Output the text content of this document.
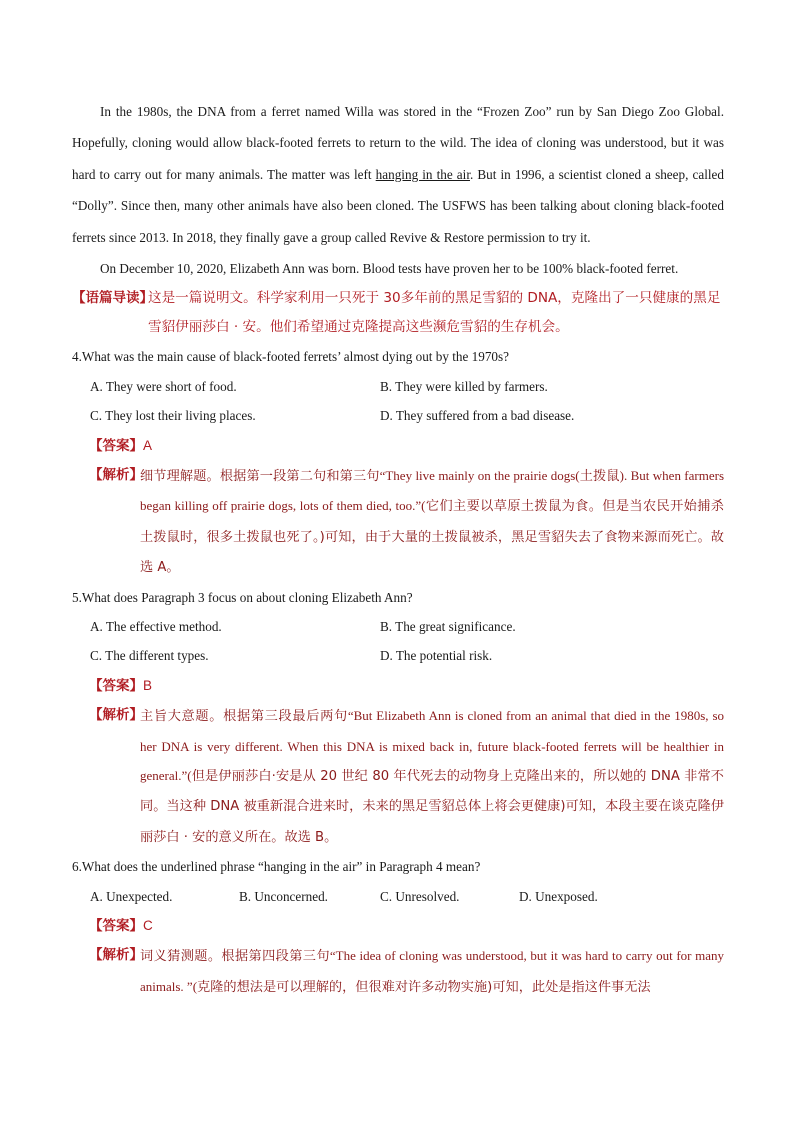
In the 1980s, the DNA from a ferret named Willa was stored in the “Frozen Zoo” run by San Diego Zoo Global. Hopefully, cloning would allow black-footed ferrets to return to the wild. The idea of cloning was understood, but it was hard to carry out for many animals. The matter was left hanging in the air. But in 1996, a scientist cloned a sheep, called “Dolly”. Since then, many other animals have also been cloned. The USFWS has been talking about cloning black-footed ferrets since 2013. In 2018, they finally gave a group called Revive & Restore permission to try it.

On December 10, 2020, Elizabeth Ann was born. Blood tests have proven her to be 100% black-footed ferret.

【语篇导读】
这是一篇说明文。科学家利用一只死于 30多年前的黑足雪貂的 DNA，克隆出了一只健康的黑足雪貂伊丽莎白 · 安。他们希望通过克隆提高这些濒危雪貂的生存机会。

4.What was the main cause of black-footed ferrets’ almost dying out by the 1970s?

A. They were short of food.	B. They were killed by farmers.
C. They lost their living places.	D. They suffered from a bad disease.
【答案】A
【解析】
细节理解题。根据第一段第二句和第三句“They live mainly on the prairie dogs(土拨鼠). But when farmers began killing off prairie dogs, lots of them died, too.”(它们主要以草原土拨鼠为食。但是当农民开始捕杀土拨鼠时，很多土拨鼠也死了。)可知，由于大量的土拨鼠被杀，黑足雪貂失去了食物来源而死亡。故选 A。

5.What does Paragraph 3 focus on about cloning Elizabeth Ann?

A. The effective method.	B. The great significance.
C. The different types.	D. The potential risk.
【答案】B
【解析】
主旨大意题。根据第三段最后两句“But Elizabeth Ann is cloned from an animal that died in the 1980s, so her DNA is very different. When this DNA is mixed back in, future black-footed ferrets will be healthier in general.”(但是伊丽莎白·安是从 20 世纪 80 年代死去的动物身上克隆出来的，所以她的 DNA 非常不同。当这种 DNA 被重新混合进来时，未来的黑足雪貂总体上将会更健康)可知，本段主要在谈克隆伊丽莎白 · 安的意义所在。故选 B。

6.What does the underlined phrase “hanging in the air” in Paragraph 4 mean?

A. Unexpected.	B. Unconcerned.	C. Unresolved.	D. Unexposed.
【答案】C
【解析】
词义猜测题。根据第四段第三句“The idea of cloning was understood, but it was hard to carry out for many animals. ”(克隆的想法是可以理解的，但很难对许多动物实施)可知，此处是指这件事无法
